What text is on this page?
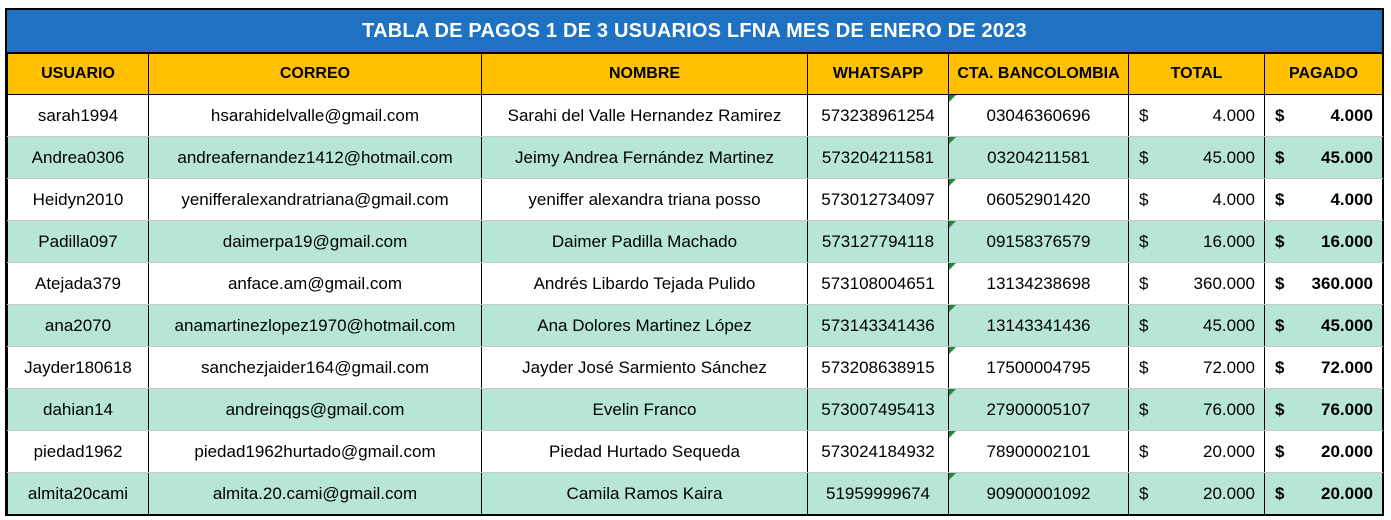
TABLA DE PAGOS 1 DE 3 USUARIOS LFNA MES DE ENERO DE 2023
USUARIO	CORREO	NOMBRE	WHATSAPP	CTA. BANCOLOMBIA	TOTAL	PAGADO
sarah1994	hsarahidelvalle@gmail.com	Sarahi del Valle Hernandez Ramirez	573238961254	03046360696	$ 4.000	$ 4.000

Andrea0306	andreafernandez1412@hotmail.com	Jeimy Andrea Fernández Martinez	573204211581	03204211581	$ 45.000	$ 45.000

Heidyn2010	yenifferalexandratriana@gmail.com	yeniffer alexandra triana posso	573012734097	06052901420	$ 4.000	$ 4.000

Padilla097	daimerpa19@gmail.com	Daimer Padilla Machado	573127794118	09158376579	$ 16.000	$ 16.000

Atejada379	anface.am@gmail.com	Andrés Libardo Tejada Pulido	573108004651	13134238698	$ 360.000	$ 360.000

ana2070	anamartinezlopez1970@hotmail.com	Ana Dolores Martinez López	573143341436	13143341436	$ 45.000	$ 45.000

Jayder180618	sanchezjaider164@gmail.com	Jayder José Sarmiento Sánchez	573208638915	17500004795	$ 72.000	$ 72.000

dahian14	andreinqgs@gmail.com	Evelin Franco	573007495413	27900005107	$ 76.000	$ 76.000

piedad1962	piedad1962hurtado@gmail.com	Piedad Hurtado Sequeda	573024184932	78900002101	$ 20.000	$ 20.000

almita20cami	almita.20.cami@gmail.com	Camila Ramos Kaira	51959999674	90900001092	$ 20.000	$ 20.000
